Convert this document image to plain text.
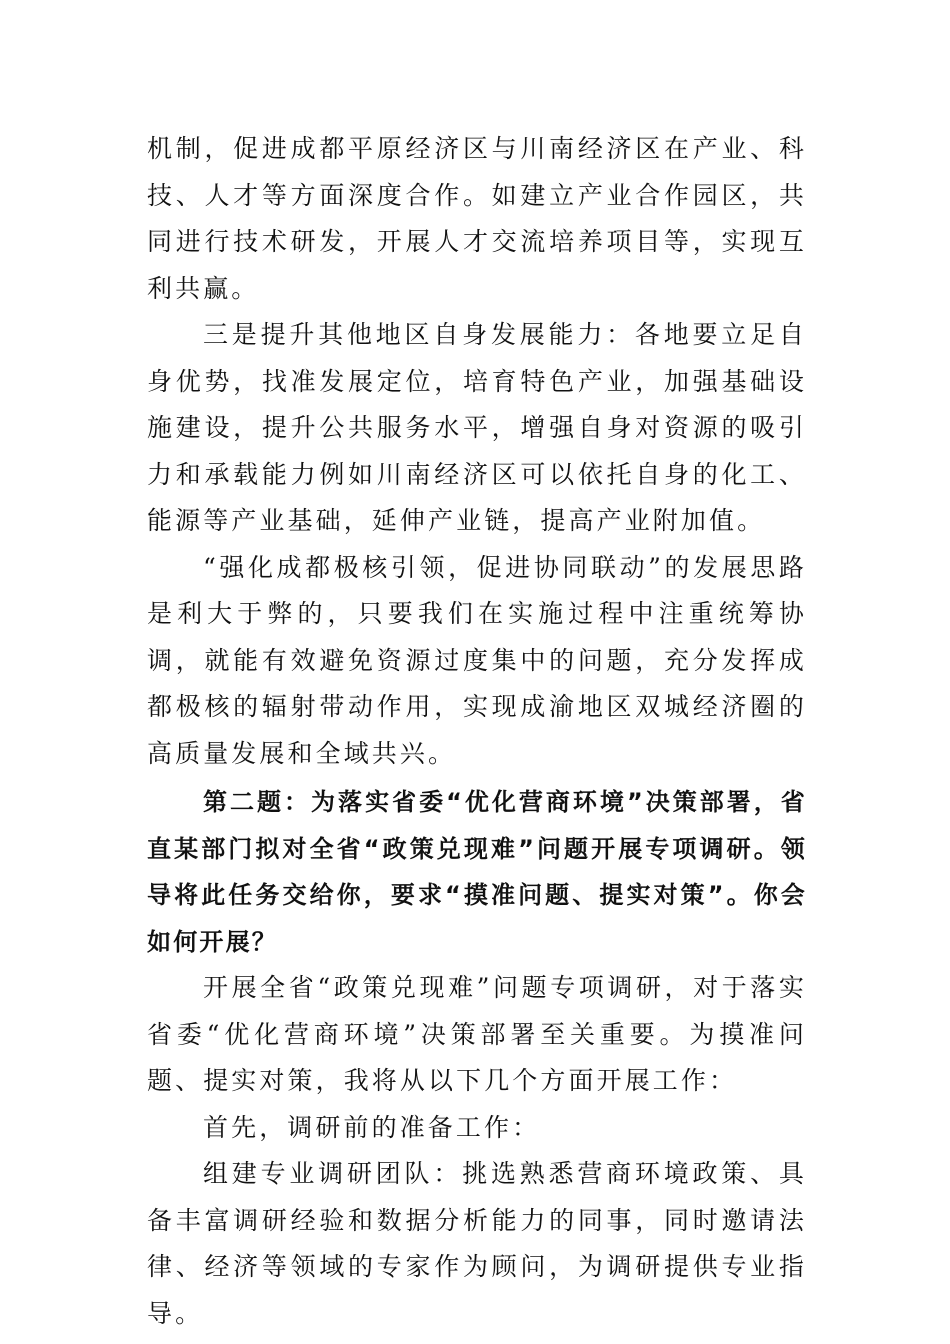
机制，促进成都平原经济区与川南经济区在产业、科技、人才等方面深度合作。如建立产业合作园区，共同进行技术研发，开展人才交流培养项目等，实现互利共赢。

三是提升其他地区自身发展能力：各地要立足自身优势，找准发展定位，培育特色产业，加强基础设施建设，提升公共服务水平，增强自身对资源的吸引力和承载能力例如川南经济区可以依托自身的化工、能源等产业基础，延伸产业链，提高产业附加值。

“强化成都极核引领，促进协同联动”的发展思路是利大于弊的，只要我们在实施过程中注重统筹协调，就能有效避免资源过度集中的问题，充分发挥成都极核的辐射带动作用，实现成渝地区双城经济圈的高质量发展和全域共兴。

第二题：为落实省委“优化营商环境”决策部署，省直某部门拟对全省“政策兑现难”问题开展专项调研。领导将此任务交给你，要求“摸准问题、提实对策”。你会如何开展？

开展全省“政策兑现难”问题专项调研，对于落实省委“优化营商环境”决策部署至关重要。为摸准问题、提实对策，我将从以下几个方面开展工作：

首先，调研前的准备工作：

组建专业调研团队：挑选熟悉营商环境政策、具备丰富调研经验和数据分析能力的同事，同时邀请法律、经济等领域的专家作为顾问，为调研提供专业指导。
